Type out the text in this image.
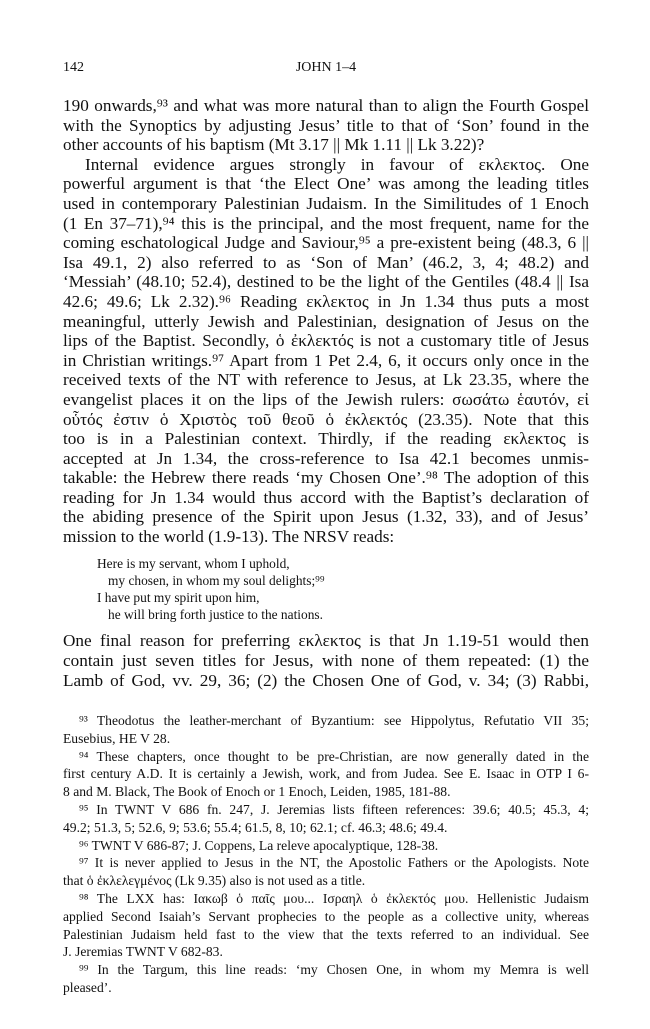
142	JOHN 1–4
190 onwards,⁹³ and what was more natural than to align the Fourth Gospel
with the Synoptics by adjusting Jesus’ title to that of ‘Son’ found in the
other accounts of his baptism (Mt 3.17 || Mk 1.11 || Lk 3.22)?
Internal evidence argues strongly in favour of εκλεκτος. One
powerful argument is that ‘the Elect One’ was among the leading titles
used in contemporary Palestinian Judaism. In the Similitudes of 1 Enoch
(1 En 37–71),⁹⁴ this is the principal, and the most frequent, name for the
coming eschatological Judge and Saviour,⁹⁵ a pre-existent being (48.3, 6 ||
Isa 49.1, 2) also referred to as ‘Son of Man’ (46.2, 3, 4; 48.2) and
‘Messiah’ (48.10; 52.4), destined to be the light of the Gentiles (48.4 || Isa
42.6; 49.6; Lk 2.32).⁹⁶ Reading εκλεκτος in Jn 1.34 thus puts a most
meaningful, utterly Jewish and Palestinian, designation of Jesus on the
lips of the Baptist. Secondly, ὁ ἐκλεκτός is not a customary title of Jesus
in Christian writings.⁹⁷ Apart from 1 Pet 2.4, 6, it occurs only once in the
received texts of the NT with reference to Jesus, at Lk 23.35, where the
evangelist places it on the lips of the Jewish rulers: σωσάτω ἑαυτόν, εἰ
οὗτός ἐστιν ὁ Χριστὸς τοῦ θεοῦ ὁ ἐκλεκτός (23.35). Note that this
too is in a Palestinian context. Thirdly, if the reading εκλεκτος is
accepted at Jn 1.34, the cross-reference to Isa 42.1 becomes unmis-
takable: the Hebrew there reads ‘my Chosen One’.⁹⁸ The adoption of this
reading for Jn 1.34 would thus accord with the Baptist’s declaration of
the abiding presence of the Spirit upon Jesus (1.32, 33), and of Jesus’
mission to the world (1.9-13). The NRSV reads:
Here is my servant, whom I uphold,
my chosen, in whom my soul delights;⁹⁹
I have put my spirit upon him,
he will bring forth justice to the nations.
One final reason for preferring εκλεκτος is that Jn 1.19-51 would then
contain just seven titles for Jesus, with none of them repeated: (1) the
Lamb of God, vv. 29, 36; (2) the Chosen One of God, v. 34; (3) Rabbi,
⁹³ Theodotus the leather-merchant of Byzantium: see Hippolytus, Refutatio VII 35;
Eusebius, HE V 28.
⁹⁴ These chapters, once thought to be pre-Christian, are now generally dated in the
first century A.D. It is certainly a Jewish, work, and from Judea. See E. Isaac in OTP I 6-
8 and M. Black, The Book of Enoch or 1 Enoch, Leiden, 1985, 181-88.
⁹⁵ In TWNT V 686 fn. 247, J. Jeremias lists fifteen references: 39.6; 40.5; 45.3, 4;
49.2; 51.3, 5; 52.6, 9; 53.6; 55.4; 61.5, 8, 10; 62.1; cf. 46.3; 48.6; 49.4.
⁹⁶ TWNT V 686-87; J. Coppens, La releve apocalyptique, 128-38.
⁹⁷ It is never applied to Jesus in the NT, the Apostolic Fathers or the Apologists. Note
that ὁ ἐκλελεγμένος (Lk 9.35) also is not used as a title.
⁹⁸ The LXX has: Ιακωβ ὁ παῖς μου... Ισραηλ ὁ ἐκλεκτός μου. Hellenistic Judaism
applied Second Isaiah’s Servant prophecies to the people as a collective unity, whereas
Palestinian Judaism held fast to the view that the texts referred to an individual. See
J. Jeremias TWNT V 682-83.
⁹⁹ In the Targum, this line reads: ‘my Chosen One, in whom my Memra is well
pleased’.
